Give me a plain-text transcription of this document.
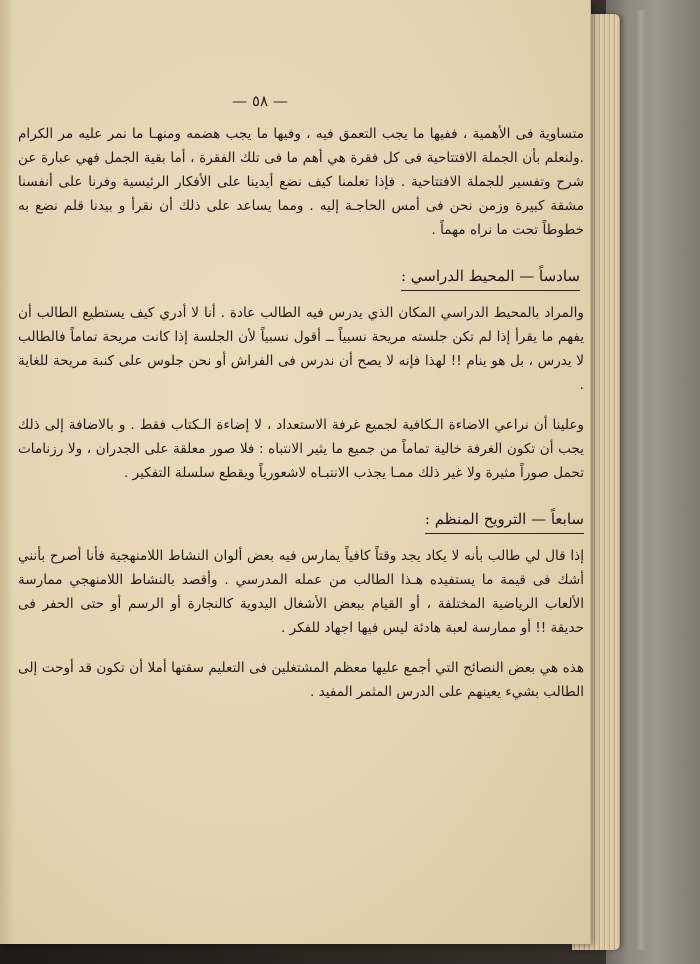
— ٥٨ —

متساوية فى الأهمية ، ففيها ما يجب التعمق فيه ، وفيها ما يجب هضمه ومنهـا ما نمر عليه مر الكرام .ولنعلم بأن الجملة الافتتاحية فى كل فقرة هي أهم ما فى تلك الفقرة ، أما بقية الجمل فهي عبارة عن شرح وتفسير للجملة الافتتاحية . فإذا تعلمنا كيف نضع أيدينا على الأفكار الرئيسية وفرنا على أنفسنا مشقة كبيرة وزمن نحن فى أمس الحاجـة إليه . ومما يساعد على ذلك أن نقرأ و بيدنا قلم نضع به خطوطاً تحت ما نراه مهماً .

سادساً — المحيط الدراسي :

والمراد بالمحيط الدراسي المكان الذي يدرس فيه الطالب عادة . أنا لا أدري كيف يستطيع الطالب أن يفهم ما يقرأ إذا لم تكن جلسته مريحة نسبياً ــ أقول نسبياً لأن الجلسة إذا كانت مريحة تماماً فالطالب لا يدرس ، بل هو ينام !! لهذا فإنه لا يصح أن ندرس فى الفراش أو نحن جلوس على كنبة مريحة للغاية .

وعلينا أن نراعي الاضاءة الـكافية لجميع غرفة الاستعداد ، لا إضاءة الـكتاب فقط . و بالاضافة إلى ذلك يجب أن تكون الغرفة خالية تماماً من جميع ما يثير الانتباه : فلا صور معلقة على الجدران ، ولا رزنامات تحمل صوراً مثيرة ولا غير ذلك ممـا يجذب الانتبـاه لاشعورياً ويقطع سلسلة التفكير .

سابعاً — الترويح المنظم :

إذا قال لي طالب بأنه لا يكاد يجد وقتاً كافياً يمارس فيه بعض ألوان النشاط اللامنهجية فأنا أصرح بأنني أشك فى قيمة ما يستفيده هـذا الطالب من عمله المدرسي . وأقصد بالنشاط اللامنهجي ممارسة الألعاب الرياضية المختلفة ، أو القيام ببعض الأشغال اليدوية كالنجارة أو الرسم أو حتى الحفر فى حديقة !! أو ممارسة لعبة هادئة ليس فيها اجهاد للفكر .

هذه هي بعض النصائح التي أجمع عليها معظم المشتغلين فى التعليم سقتها أملا أن تكون قد أوحت إلى الطالب بشيء يعينهم على الدرس المثمر المفيد .
